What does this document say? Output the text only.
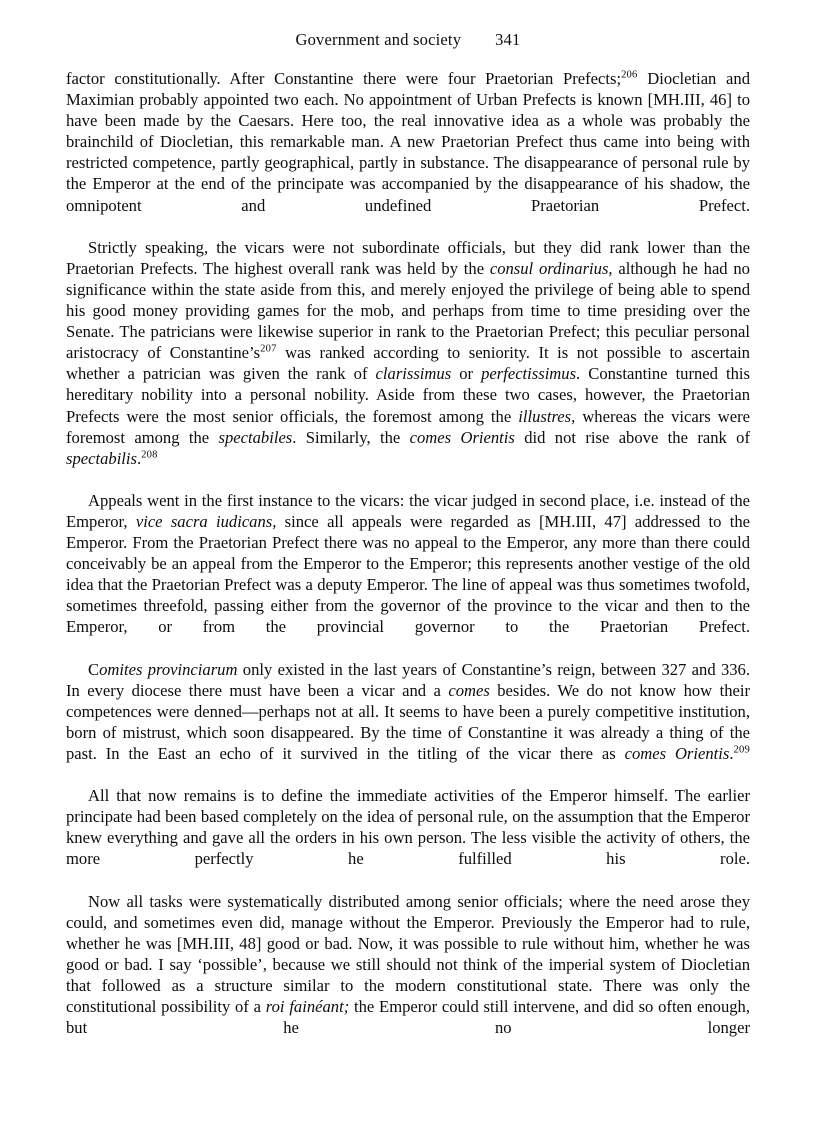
Government and society 341

factor constitutionally. After Constantine there were four Praetorian Prefects;$^{206}$ Diocletian and Maximian probably appointed two each. No appointment of Urban Prefects is known [MH.III, 46] to have been made by the Caesars. Here too, the real innovative idea as a whole was probably the brainchild of Diocletian, this remarkable man. A new Praetorian Prefect thus came into being with restricted competence, partly geographical, partly in substance. The disappearance of personal rule by the Emperor at the end of the principate was accompanied by the disappearance of his shadow, the omnipotent and undefined Praetorian Prefect.

Strictly speaking, the vicars were not subordinate officials, but they did rank lower than the Praetorian Prefects. The highest overall rank was held by the consul ordinarius, although he had no significance within the state aside from this, and merely enjoyed the privilege of being able to spend his good money providing games for the mob, and perhaps from time to time presiding over the Senate. The patricians were likewise superior in rank to the Praetorian Prefect; this peculiar personal aristocracy of Constantine’s$^{207}$ was ranked according to seniority. It is not possible to ascertain whether a patrician was given the rank of clarissimus or perfectissimus. Constantine turned this hereditary nobility into a personal nobility. Aside from these two cases, however, the Praetorian Prefects were the most senior officials, the foremost among the illustres, whereas the vicars were foremost among the spectabiles. Similarly, the comes Orientis did not rise above the rank of spectabilis.$^{208}$

Appeals went in the first instance to the vicars: the vicar judged in second place, i.e. instead of the Emperor, vice sacra iudicans, since all appeals were regarded as [MH.III, 47] addressed to the Emperor. From the Praetorian Prefect there was no appeal to the Emperor, any more than there could conceivably be an appeal from the Emperor to the Emperor; this represents another vestige of the old idea that the Praetorian Prefect was a deputy Emperor. The line of appeal was thus sometimes twofold, sometimes threefold, passing either from the governor of the province to the vicar and then to the Emperor, or from the provincial governor to the Praetorian Prefect.

Comites provinciarum only existed in the last years of Constantine’s reign, between 327 and 336. In every diocese there must have been a vicar and a comes besides. We do not know how their competences were denned—perhaps not at all. It seems to have been a purely competitive institution, born of mistrust, which soon disappeared. By the time of Constantine it was already a thing of the past. In the East an echo of it survived in the titling of the vicar there as comes Orientis.$^{209}$

All that now remains is to define the immediate activities of the Emperor himself. The earlier principate had been based completely on the idea of personal rule, on the assumption that the Emperor knew everything and gave all the orders in his own person. The less visible the activity of others, the more perfectly he fulfilled his role.

Now all tasks were systematically distributed among senior officials; where the need arose they could, and sometimes even did, manage without the Emperor. Previously the Emperor had to rule, whether he was [MH.III, 48] good or bad. Now, it was possible to rule without him, whether he was good or bad. I say ‘possible’, because we still should not think of the imperial system of Diocletian that followed as a structure similar to the modern constitutional state. There was only the constitutional possibility of a roi fainéant; the Emperor could still intervene, and did so often enough, but he no longer
